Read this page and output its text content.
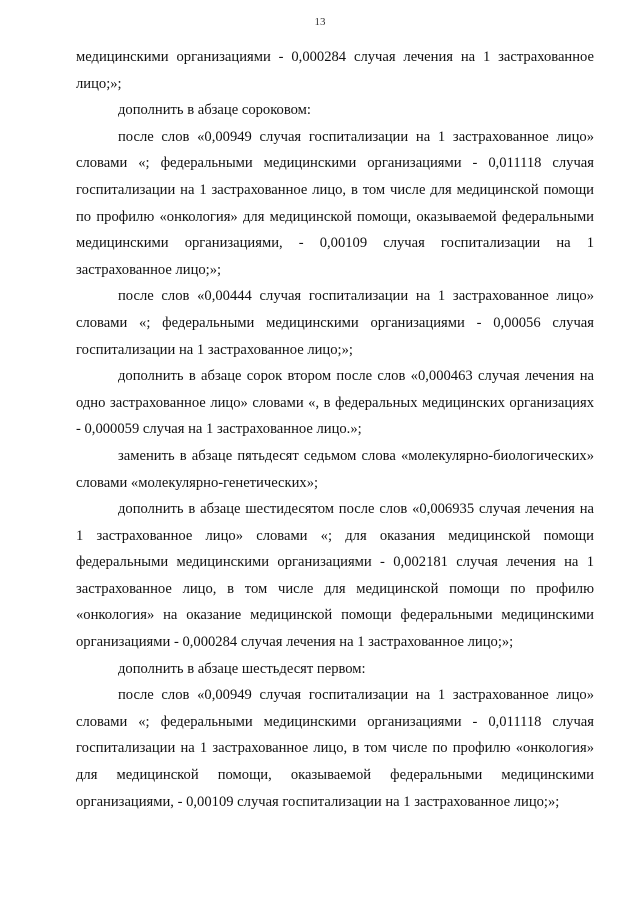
13

медицинскими организациями - 0,000284 случая лечения на 1 застрахованное лицо;»;

дополнить в абзаце сороковом:

после слов «0,00949 случая госпитализации на 1 застрахованное лицо» словами «; федеральными медицинскими организациями - 0,011118 случая госпитализации на 1 застрахованное лицо, в том числе для медицинской помощи по профилю «онкология» для медицинской помощи, оказываемой федеральными медицинскими организациями, - 0,00109 случая госпитализации на 1 застрахованное лицо;»;

после слов «0,00444 случая госпитализации на 1 застрахованное лицо» словами «; федеральными медицинскими организациями - 0,00056 случая госпитализации на 1 застрахованное лицо;»;

дополнить в абзаце сорок втором после слов «0,000463 случая лечения на одно застрахованное лицо» словами «, в федеральных медицинских организациях - 0,000059 случая на 1 застрахованное лицо.»;

заменить в абзаце пятьдесят седьмом слова «молекулярно-биологических» словами «молекулярно-генетических»;

дополнить в абзаце шестидесятом после слов «0,006935 случая лечения на 1 застрахованное лицо» словами «; для оказания медицинской помощи федеральными медицинскими организациями - 0,002181 случая лечения на 1 застрахованное лицо, в том числе для медицинской помощи по профилю «онкология» на оказание медицинской помощи федеральными медицинскими организациями - 0,000284 случая лечения на 1 застрахованное лицо;»;

дополнить в абзаце шестьдесят первом:

после слов «0,00949 случая госпитализации на 1 застрахованное лицо» словами «; федеральными медицинскими организациями - 0,011118 случая госпитализации на 1 застрахованное лицо, в том числе по профилю «онкология» для медицинской помощи, оказываемой федеральными медицинскими организациями, - 0,00109 случая госпитализации на 1 застрахованное лицо;»;
